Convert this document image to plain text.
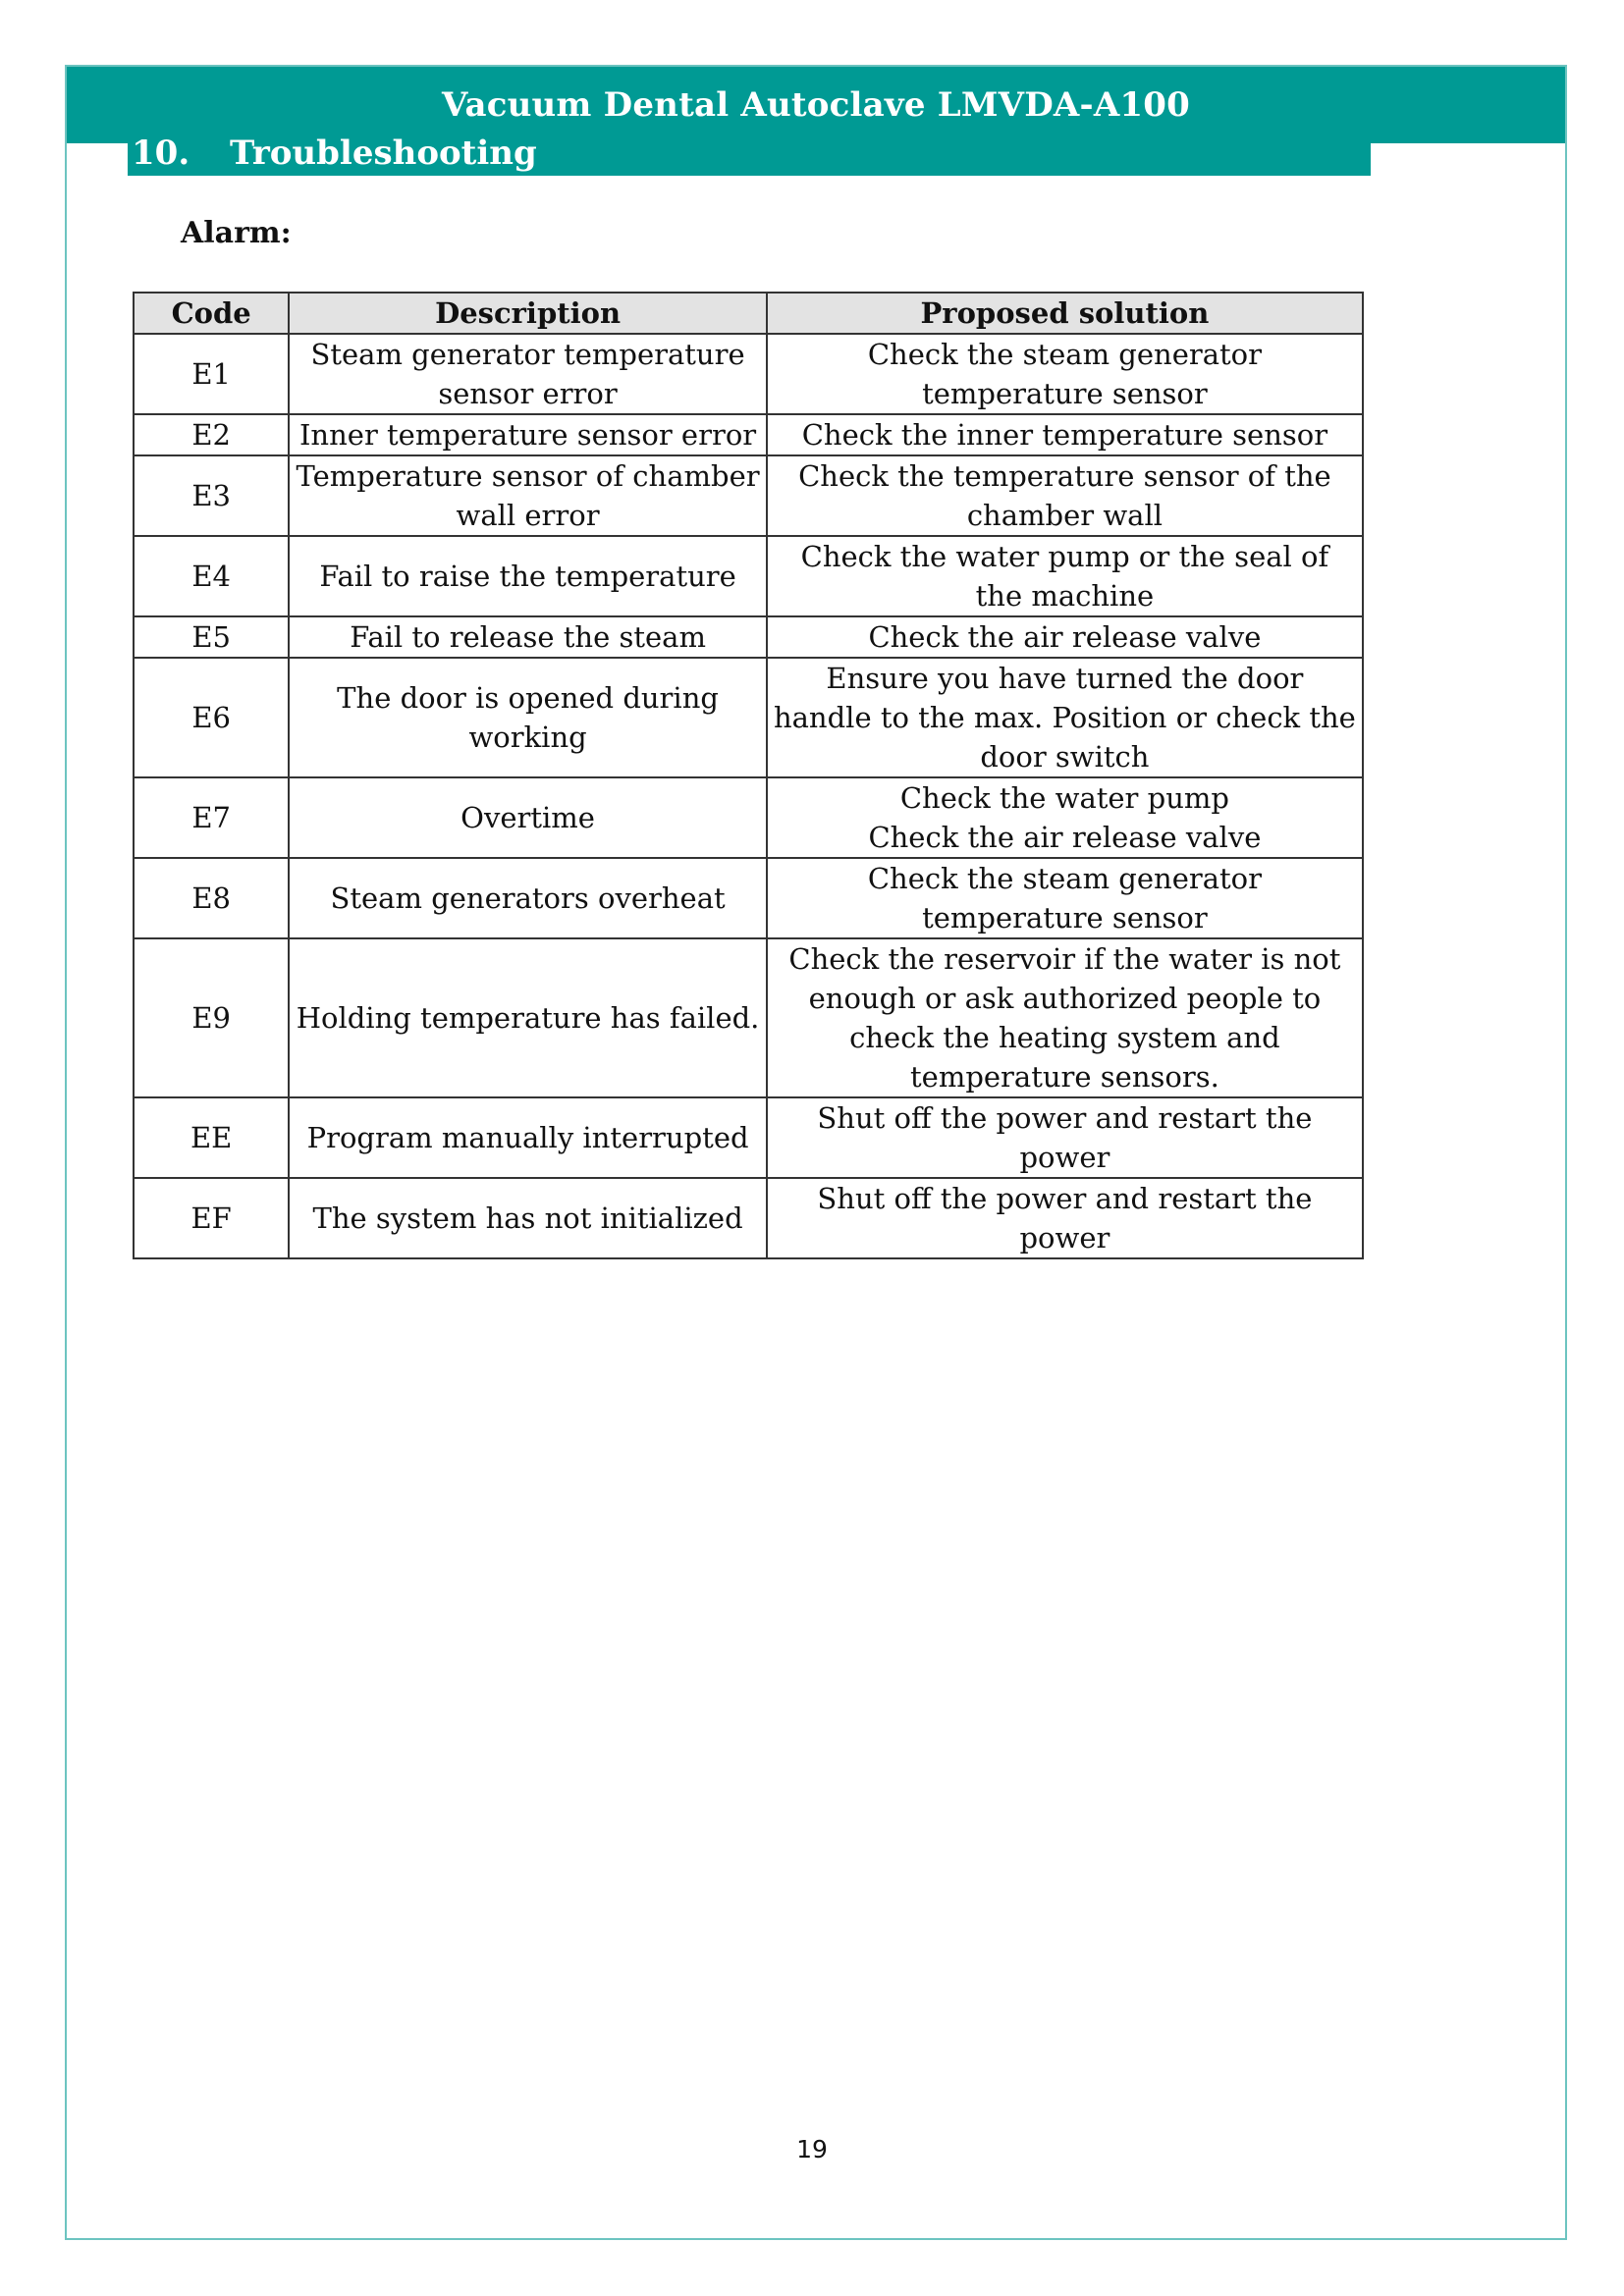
Vacuum Dental Autoclave LMVDA-A100
10.	Troubleshooting
Alarm:
Code	Description	Proposed solution
E1	Steam generator temperature sensor error	Check the steam generator temperature sensor

E2	Inner temperature sensor error	Check the inner temperature sensor

E3	Temperature sensor of chamber wall error	Check the temperature sensor of the chamber wall

E4	Fail to raise the temperature	Check the water pump or the seal of the machine

E5	Fail to release the steam	Check the air release valve

E6	The door is opened during working	Ensure you have turned the door handle to the max. Position or check the door switch

E7	Overtime	Check the water pump
Check the air release valve

E8	Steam generators overheat	Check the steam generator temperature sensor

E9	Holding temperature has failed.	Check the reservoir if the water is not enough or ask authorized people to check the heating system and temperature sensors.

EE	Program manually interrupted	Shut off the power and restart the power

EF	The system has not initialized	Shut off the power and restart the power
19
